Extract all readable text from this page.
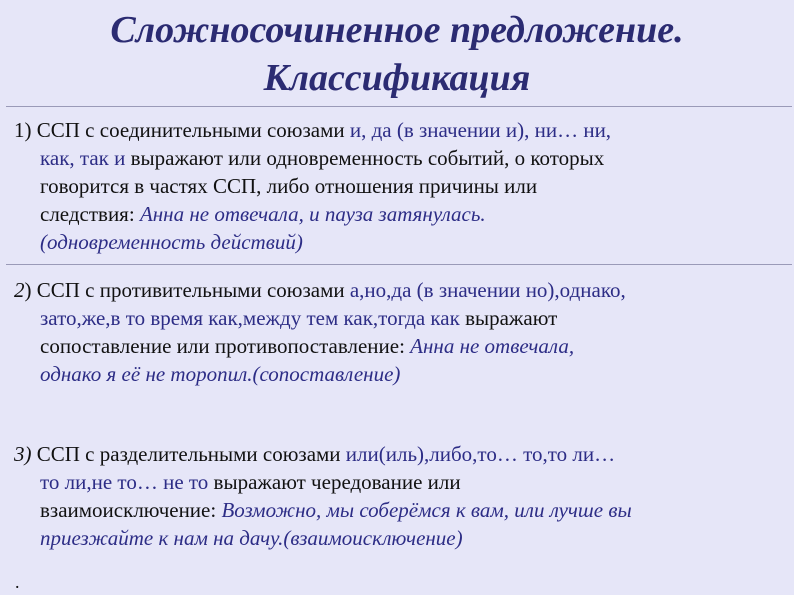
Сложносочиненное предложение.
Классификация
1) ССП с соединительными союзами и, да (в значении и), ни… ни,
как, так и выражают или одновременность событий, о которых
говорится в частях ССП, либо отношения причины или
следствия: Анна не отвечала, и пауза затянулась.
(одновременность действий)
2) ССП с противительными союзами а,но,да (в значении но),однако,
зато,же,в то время как,между тем как,тогда как выражают
сопоставление или противопоставление: Анна не отвечала,
однако я её не торопил.(сопоставление)
3) ССП с разделительными союзами или(иль),либо,то… то,то ли…
то ли,не то… не то выражают чередование или
взаимоисключение: Возможно, мы соберёмся к вам, или лучше вы
приезжайте к нам на дачу.(взаимоисключение)
.
